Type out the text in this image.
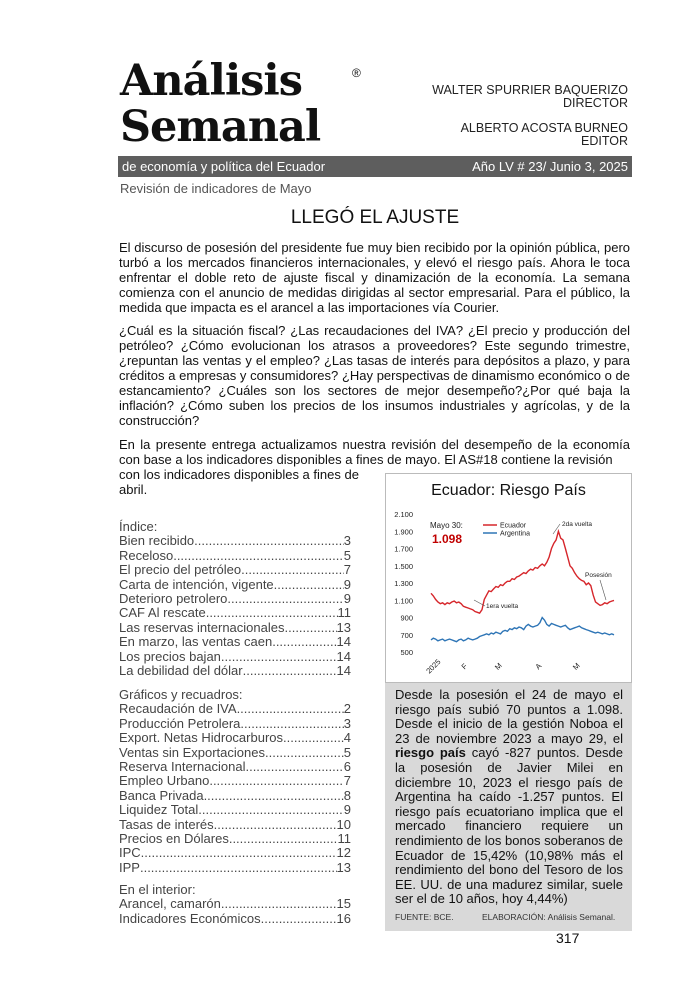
Análisis
Semanal
®
WALTER SPURRIER BAQUERIZO
DIRECTOR
ALBERTO ACOSTA BURNEO
EDITOR
de economía y política del Ecuador	Año LV # 23/ Junio 3, 2025
Revisión de indicadores de Mayo
LLEGÓ EL AJUSTE
El discurso de posesión del presidente fue muy bien recibido por la opinión pública, pero turbó a los mercados financieros internacionales, y elevó el riesgo país. Ahora le toca enfrentar el doble reto de ajuste fiscal y dinamización de la economía. La semana comienza con el anuncio de medidas dirigidas al sector empresarial. Para el público, la medida que impacta es el arancel a las importaciones vía Courier.
¿Cuál es la situación fiscal? ¿Las recaudaciones del IVA? ¿El precio y producción del petróleo? ¿Cómo evolucionan los atrasos a proveedores? Este segundo trimestre, ¿repuntan las ventas y el empleo? ¿Las tasas de interés para depósitos a plazo, y para créditos a empresas y consumidores? ¿Hay perspectivas de dinamismo económico o de estancamiento? ¿Cuáles son los sectores de mejor desempeño?¿Por qué baja la inflación? ¿Cómo suben los precios de los insumos industriales y agrícolas, y de la construcción?
En la presente entrega actualizamos nuestra revisión del desempeño de la economía con base a los indicadores disponibles a fines de mayo. El AS#18 contiene la revisión
con los indicadores disponibles a fines de
abril.
Índice:
Bien recibido. .....	3
Receloso. .....	5
El precio del petróleo .....	7
Carta de intención, vigente. .....	9
Deterioro petrolero. .....	9
CAF Al rescate. .....	11
Las reservas internacionales .....	13
En marzo, las ventas caen .....	14
Los precios bajan. .....	14
La debilidad del dólar .....	14
Gráficos y recuadros:
Recaudación de IVA .....	2
Producción Petrolera .....	3
Export. Netas Hidrocarburos .....	4
Ventas sin Exportaciones .....	5
Reserva Internacional .....	6
Empleo Urbano .....	7
Banca Privada .....	8
Liquidez Total .....	9
Tasas de interés .....	10
Precios en Dólares .....	11
IPC .....	12
IPP .....	13
En el interior:
Arancel, camarón .....	15
Indicadores Económicos .....	16
Ecuador: Riesgo País
2.100
1.900
1.700
1.500
1.300
1.100
900
700
500
2025 F	M	A	M
Ecuador
Argentina
Mayo 30:
1.098
2da vuelta
Posesión
1era vuelta
Desde la posesión el 24 de mayo el riesgo país subió 70 puntos a 1.098. Desde el inicio de la gestión Noboa el 23 de noviembre 2023 a mayo 29, el riesgo país cayó -827 puntos. Desde la posesión de Javier Milei en diciembre 10, 2023 el riesgo país de Argentina ha caído -1.257 puntos. El riesgo país ecuatoriano implica que el mercado financiero requiere un rendimiento de los bonos soberanos de Ecuador de 15,42% (10,98% más el rendimiento del bono del Tesoro de los EE. UU. de una madurez similar, suele ser el de 10 años, hoy 4,44%)
FUENTE: BCE.	ELABORACIÓN: Análisis Semanal.
317
